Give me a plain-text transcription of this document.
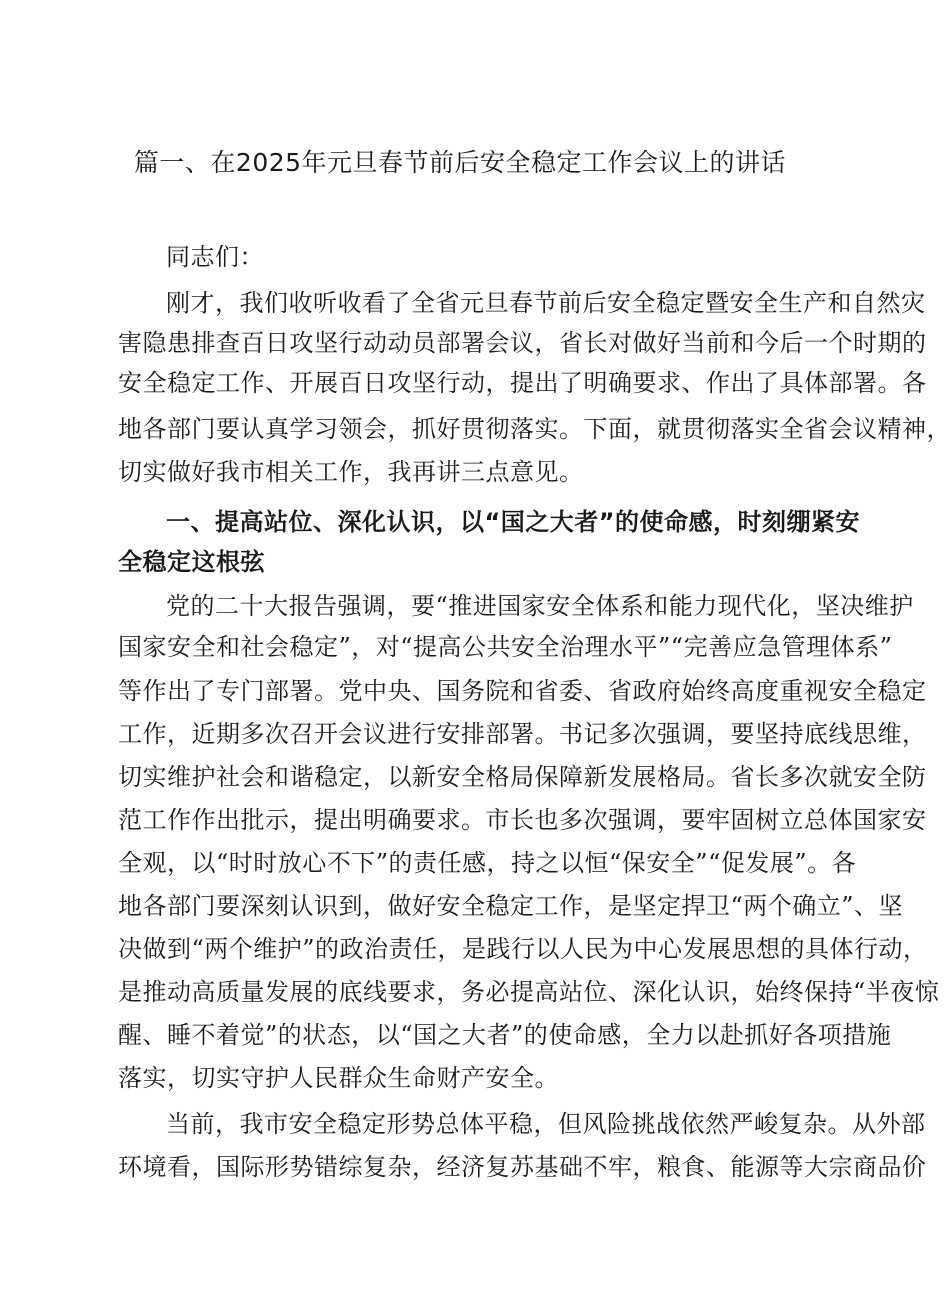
篇一、在2025年元旦春节前后安全稳定工作会议上的讲话
同志们：
刚才，我们收听收看了全省元旦春节前后安全稳定暨安全生产和自然灾
害隐患排查百日攻坚行动动员部署会议，省长对做好当前和今后一个时期的
安全稳定工作、开展百日攻坚行动，提出了明确要求、作出了具体部署。各
地各部门要认真学习领会，抓好贯彻落实。下面，就贯彻落实全省会议精神，
切实做好我市相关工作，我再讲三点意见。
一、提高站位、深化认识，以“国之大者”的使命感，时刻绷紧安
全稳定这根弦
党的二十大报告强调，要“推进国家安全体系和能力现代化，坚决维护
国家安全和社会稳定”，对“提高公共安全治理水平”“完善应急管理体系”
等作出了专门部署。党中央、国务院和省委、省政府始终高度重视安全稳定
工作，近期多次召开会议进行安排部署。书记多次强调，要坚持底线思维，
切实维护社会和谐稳定，以新安全格局保障新发展格局。省长多次就安全防
范工作作出批示，提出明确要求。市长也多次强调，要牢固树立总体国家安
全观，以“时时放心不下”的责任感，持之以恒“保安全”“促发展”。各
地各部门要深刻认识到，做好安全稳定工作，是坚定捍卫“两个确立”、坚
决做到“两个维护”的政治责任，是践行以人民为中心发展思想的具体行动，
是推动高质量发展的底线要求，务必提高站位、深化认识，始终保持“半夜惊
醒、睡不着觉”的状态，以“国之大者”的使命感，全力以赴抓好各项措施
落实，切实守护人民群众生命财产安全。
当前，我市安全稳定形势总体平稳，但风险挑战依然严峻复杂。从外部
环境看，国际形势错综复杂，经济复苏基础不牢，粮食、能源等大宗商品价
